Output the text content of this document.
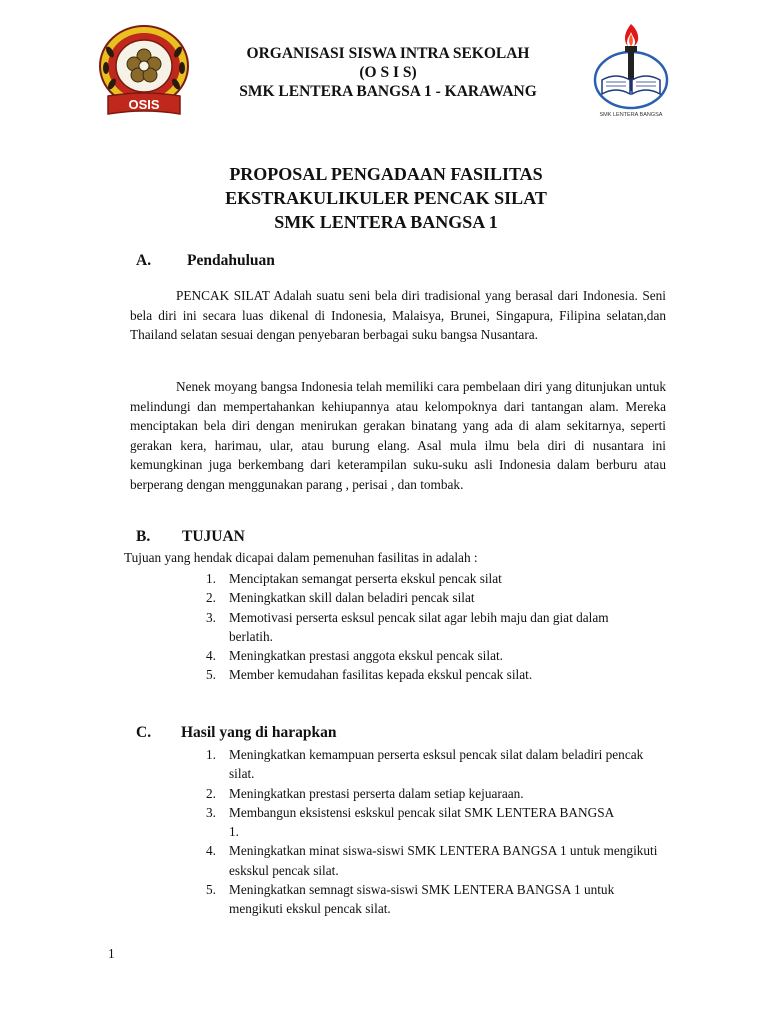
OSIS
SMK LENTERA BANGSA
ORGANISASI SISWA INTRA SEKOLAH
(O S I S)
SMK LENTERA BANGSA 1 - KARAWANG
PROPOSAL PENGADAAN FASILITAS
EKSTRAKULIKULER PENCAK SILAT
SMK LENTERA BANGSA 1
A. Pendahuluan

PENCAK SILAT Adalah suatu seni bela diri tradisional yang berasal dari Indonesia. Seni bela diri ini secara luas dikenal di Indonesia, Malaisya, Brunei, Singapura, Filipina selatan,dan Thailand selatan sesuai dengan penyebaran berbagai suku bangsa Nusantara.

Nenek moyang bangsa Indonesia telah memiliki cara pembelaan diri yang ditunjukan untuk melindungi dan mempertahankan kehiupannya atau kelompoknya dari tantangan alam. Mereka menciptakan bela diri dengan menirukan gerakan binatang yang ada di alam sekitarnya, seperti gerakan kera, harimau, ular, atau burung elang. Asal mula ilmu bela diri di nusantara ini kemungkinan juga berkembang dari keterampilan suku-suku asli Indonesia dalam berburu atau berperang dengan menggunakan parang , perisai , dan tombak.

B. TUJUAN
Tujuan yang hendak dicapai dalam pemenuhan fasilitas in adalah :
1. Menciptakan semangat perserta ekskul pencak silat
2. Meningkatkan skill dalan beladiri pencak silat
3. Memotivasi perserta esksul pencak silat agar lebih maju dan giat dalam berlatih.
4. Meningkatkan prestasi anggota ekskul pencak silat.
5. Member kemudahan fasilitas kepada ekskul pencak silat.
C. Hasil yang di harapkan
1. Meningkatkan kemampuan perserta esksul pencak silat dalam beladiri pencak silat.
2. Meningkatkan prestasi perserta dalam setiap kejuaraan.
3. Membangun eksistensi eskskul pencak silat SMK LENTERA BANGSA 1.
4. Meningkatkan minat siswa-siswi SMK LENTERA BANGSA 1 untuk mengikuti eskskul pencak silat.
5. Meningkatkan semnagt siswa-siswi SMK LENTERA BANGSA 1 untuk mengikuti ekskul pencak silat.
1
